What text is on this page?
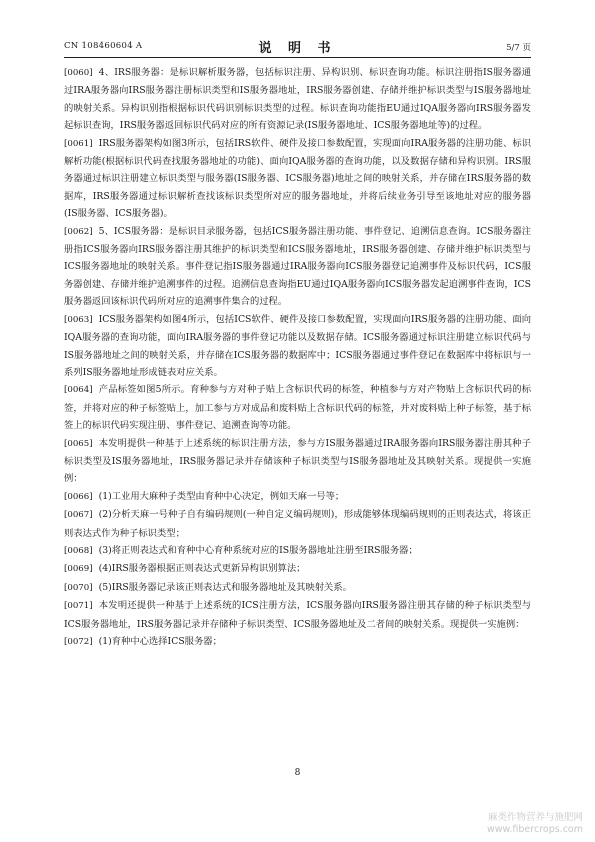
CN 108460604 A	说 明 书	5/7 页

[0060] 4、IRS服务器：是标识解析服务器，包括标识注册、异构识别、标识查询功能。标识注册指IS服务器通过IRA服务器向IRS服务器注册标识类型和IS服务器地址，IRS服务器创建、存储并维护标识类型与IS服务器地址的映射关系。异构识别指根据标识代码识别标识类型的过程。标识查询功能指EU通过IQA服务器向IRS服务器发起标识查询，IRS服务器返回标识代码对应的所有资源记录(IS服务器地址、ICS服务器地址等)的过程。

[0061] IRS服务器架构如图3所示，包括IRS软件、硬件及接口参数配置，实现面向IRA服务器的注册功能、标识解析功能(根据标识代码查找服务器地址的功能)、面向IQA服务器的查询功能，以及数据存储和异构识别。IRS服务器通过标识注册建立标识类型与服务器(IS服务器、ICS服务器)地址之间的映射关系，并存储在IRS服务器的数据库，IRS服务器通过标识解析查找该标识类型所对应的服务器地址，并将后续业务引导至该地址对应的服务器(IS服务器、ICS服务器)。

[0062] 5、ICS服务器：是标识目录服务器，包括ICS服务器注册功能、事件登记、追溯信息查询。ICS服务器注册指ICS服务器向IRS服务器注册其维护的标识类型和ICS服务器地址，IRS服务器创建、存储并维护标识类型与ICS服务器地址的映射关系。事件登记指IS服务器通过IRA服务器向ICS服务器登记追溯事件及标识代码，ICS服务器创建、存储并维护追溯事件的过程。追溯信息查询指EU通过IQA服务器向ICS服务器发起追溯事件查询，ICS服务器返回该标识代码所对应的追溯事件集合的过程。

[0063] ICS服务器架构如图4所示，包括ICS软件、硬件及接口参数配置，实现面向IRS服务器的注册功能、面向IQA服务器的查询功能，面向IRA服务器的事件登记功能以及数据存储。ICS服务器通过标识注册建立标识代码与IS服务器地址之间的映射关系，并存储在ICS服务器的数据库中；ICS服务器通过事件登记在数据库中将标识与一系列IS服务器地址形成链表对应关系。

[0064] 产品标签如图5所示。育种参与方对种子贴上含标识代码的标签，种植参与方对产物贴上含标识代码的标签，并将对应的种子标签贴上，加工参与方对成品和废料贴上含标识代码的标签，并对废料贴上种子标签，基于标签上的标识代码实现注册、事件登记、追溯查询等功能。

[0065] 本发明提供一种基于上述系统的标识注册方法，参与方IS服务器通过IRA服务器向IRS服务器注册其种子标识类型及IS服务器地址，IRS服务器记录并存储该种子标识类型与IS服务器地址及其映射关系。现提供一实施例：

[0066] (1)工业用大麻种子类型由育种中心决定，例如天麻一号等；

[0067] (2)分析天麻一号种子自有编码规则(一种自定义编码规则)，形成能够体现编码规则的正则表达式，将该正则表达式作为种子标识类型；

[0068] (3)将正则表达式和育种中心育种系统对应的IS服务器地址注册至IRS服务器；

[0069] (4)IRS服务器根据正则表达式更新异构识别算法；

[0070] (5)IRS服务器记录该正则表达式和服务器地址及其映射关系。

[0071] 本发明还提供一种基于上述系统的ICS注册方法，ICS服务器向IRS服务器注册其存储的种子标识类型与ICS服务器地址，IRS服务器记录并存储种子标识类型、ICS服务器地址及二者间的映射关系。现提供一实施例：

[0072] (1)育种中心选择ICS服务器；

8
麻类作物营养与施肥网
www.fibercrops.com
